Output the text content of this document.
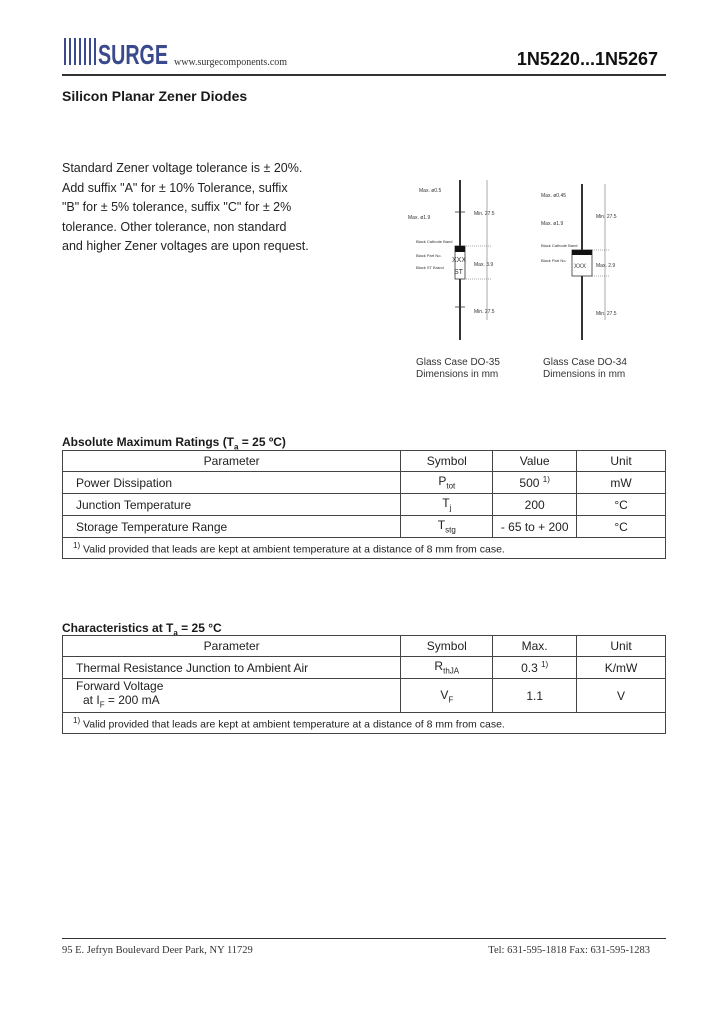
SURGE www.surgecomponents.com	1N5220...1N5267
Silicon Planar Zener Diodes
Standard Zener voltage tolerance is ± 20%.
Add suffix "A" for ± 10% Tolerance, suffix
"B" for ± 5% tolerance, suffix "C" for ± 2%
tolerance. Other tolerance, non standard
and higher Zener voltages are upon request.
Max. ø0.5
Max. ø1.9
Min. 27.5
Max. 3.9
Min. 27.5
Black Cathode Band
Black Part No.
Black ST Brand
XXX
ST
Max. ø0.45
Max. ø1.9
Min. 27.5
Max. 2.9
Min. 27.5
Black Cathode Band
Black Part No.
XXX
Glass Case DO-35
Dimensions in mm
Glass Case DO-34
Dimensions in mm
Absolute Maximum Ratings ($T_a = 25$ ºC)
Parameter	Symbol	Value	Unit
Power Dissipation	$P_{tot}$	500 $^{1)}$	mW
Junction Temperature	$T_j$	200	°C
Storage Temperature Range	$T_{stg}$	- 65 to + 200	°C
$^{1)}$ Valid provided that leads are kept at ambient temperature at a distance of 8 mm from case.			
Characteristics at $T_a = 25$ °C
Parameter	Symbol	Max.	Unit
Thermal Resistance Junction to Ambient Air	$R_{thJA}$	0.3 $^{1)}$	K/mW

Forward Voltage
at $I_F = 200$ mA	$V_F$	1.1	V
$^{1)}$ Valid provided that leads are kept at ambient temperature at a distance of 8 mm from case.			
95 E. Jefryn Boulevard Deer Park, NY 11729	Tel: 631-595-1818 Fax: 631-595-1283
